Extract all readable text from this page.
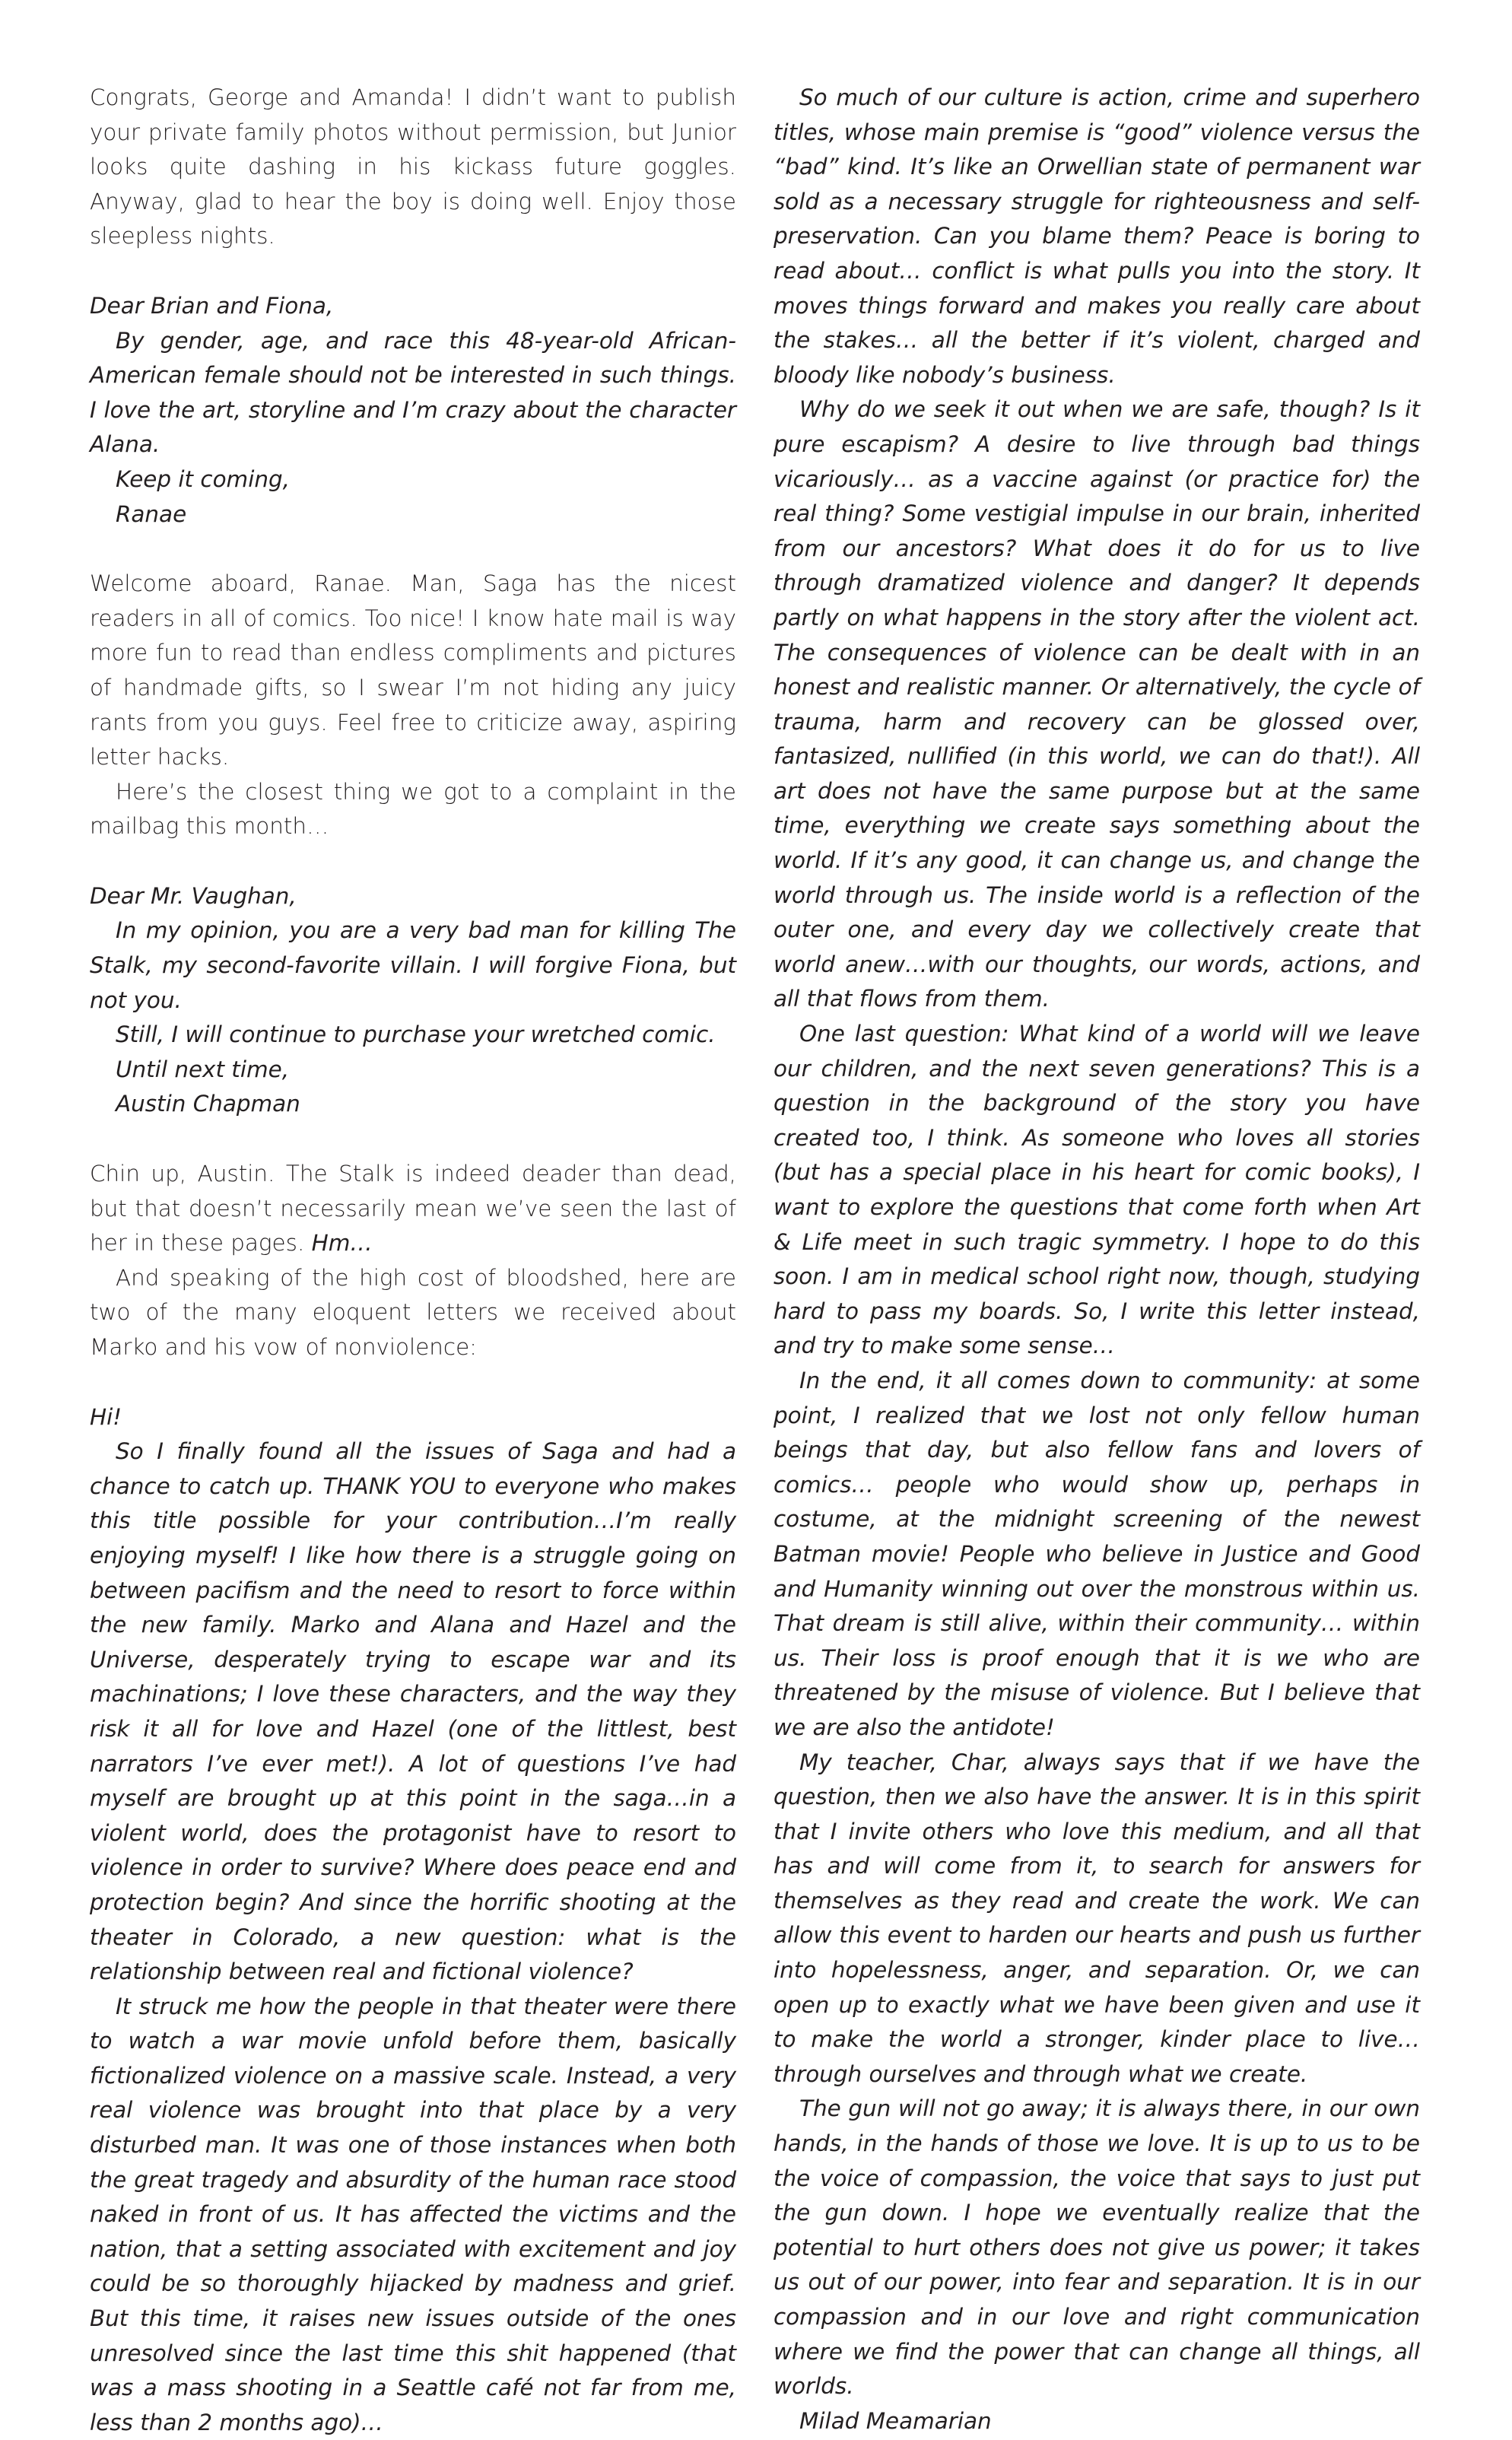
Congrats, George and Amanda! I didn’t want to publish your private family photos without permission, but Junior looks quite dashing in his kickass future goggles. Anyway, glad to hear the boy is doing well. Enjoy those sleepless nights.

Dear Brian and Fiona,

By gender, age, and race this 48-year-old African-American female should not be interested in such things. I love the art, storyline and I’m crazy about the character Alana.

Keep it coming,

Ranae

Welcome aboard, Ranae. Man, Saga has the nicest readers in all of comics. Too nice! I know hate mail is way more fun to read than endless compliments and pictures of handmade gifts, so I swear I’m not hiding any juicy rants from you guys. Feel free to criticize away, aspiring letter hacks.

Here’s the closest thing we got to a complaint in the mailbag this month…

Dear Mr. Vaughan,

In my opinion, you are a very bad man for killing The Stalk, my second-favorite villain. I will forgive Fiona, but not you.

Still, I will continue to purchase your wretched comic.

Until next time,

Austin Chapman

Chin up, Austin. The Stalk is indeed deader than dead, but that doesn’t necessarily mean we’ve seen the last of her in these pages. Hm…

And speaking of the high cost of bloodshed, here are two of the many eloquent letters we received about Marko and his vow of nonviolence:

Hi!

So I finally found all the issues of Saga and had a chance to catch up. THANK YOU to everyone who makes this title possible for your contribution…I’m really enjoying myself! I like how there is a struggle going on between pacifism and the need to resort to force within the new family. Marko and Alana and Hazel and the Universe, desperately trying to escape war and its machinations; I love these characters, and the way they risk it all for love and Hazel (one of the littlest, best narrators I’ve ever met!). A lot of questions I’ve had myself are brought up at this point in the saga…in a violent world, does the protagonist have to resort to violence in order to survive? Where does peace end and protection begin? And since the horrific shooting at the theater in Colorado, a new question: what is the relationship between real and fictional violence?

It struck me how the people in that theater were there to watch a war movie unfold before them, basically fictionalized violence on a massive scale. Instead, a very real violence was brought into that place by a very disturbed man. It was one of those instances when both the great tragedy and absurdity of the human race stood naked in front of us. It has affected the victims and the nation, that a setting associated with excitement and joy could be so thoroughly hijacked by madness and grief. But this time, it raises new issues outside of the ones unresolved since the last time this shit happened (that was a mass shooting in a Seattle café not far from me, less than 2 months ago)…

So much of our culture is action, crime and superhero titles, whose main premise is “good” violence versus the “bad” kind. It’s like an Orwellian state of permanent war sold as a necessary struggle for righteousness and self-preservation. Can you blame them? Peace is boring to read about… conflict is what pulls you into the story. It moves things forward and makes you really care about the stakes… all the better if it’s violent, charged and bloody like nobody’s business.

Why do we seek it out when we are safe, though? Is it pure escapism? A desire to live through bad things vicariously… as a vaccine against (or practice for) the real thing? Some vestigial impulse in our brain, inherited from our ancestors? What does it do for us to live through dramatized violence and danger? It depends partly on what happens in the story after the violent act. The consequences of violence can be dealt with in an honest and realistic manner. Or alternatively, the cycle of trauma, harm and recovery can be glossed over, fantasized, nullified (in this world, we can do that!). All art does not have the same purpose but at the same time, everything we create says something about the world. If it’s any good, it can change us, and change the world through us. The inside world is a reflection of the outer one, and every day we collectively create that world anew…with our thoughts, our words, actions, and all that flows from them.

One last question: What kind of a world will we leave our children, and the next seven generations? This is a question in the background of the story you have created too, I think. As someone who loves all stories (but has a special place in his heart for comic books), I want to explore the questions that come forth when Art & Life meet in such tragic symmetry. I hope to do this soon. I am in medical school right now, though, studying hard to pass my boards. So, I write this letter instead, and try to make some sense…

In the end, it all comes down to community: at some point, I realized that we lost not only fellow human beings that day, but also fellow fans and lovers of comics… people who would show up, perhaps in costume, at the midnight screening of the newest Batman movie! People who believe in Justice and Good and Humanity winning out over the monstrous within us. That dream is still alive, within their community… within us. Their loss is proof enough that it is we who are threatened by the misuse of violence. But I believe that we are also the antidote!

My teacher, Char, always says that if we have the question, then we also have the answer. It is in this spirit that I invite others who love this medium, and all that has and will come from it, to search for answers for themselves as they read and create the work. We can allow this event to harden our hearts and push us further into hopelessness, anger, and separation. Or, we can open up to exactly what we have been given and use it to make the world a stronger, kinder place to live… through ourselves and through what we create.

The gun will not go away; it is always there, in our own hands, in the hands of those we love. It is up to us to be the voice of compassion, the voice that says to just put the gun down. I hope we eventually realize that the potential to hurt others does not give us power; it takes us out of our power, into fear and separation. It is in our compassion and in our love and right communication where we find the power that can change all things, all worlds.

Milad Meamarian
